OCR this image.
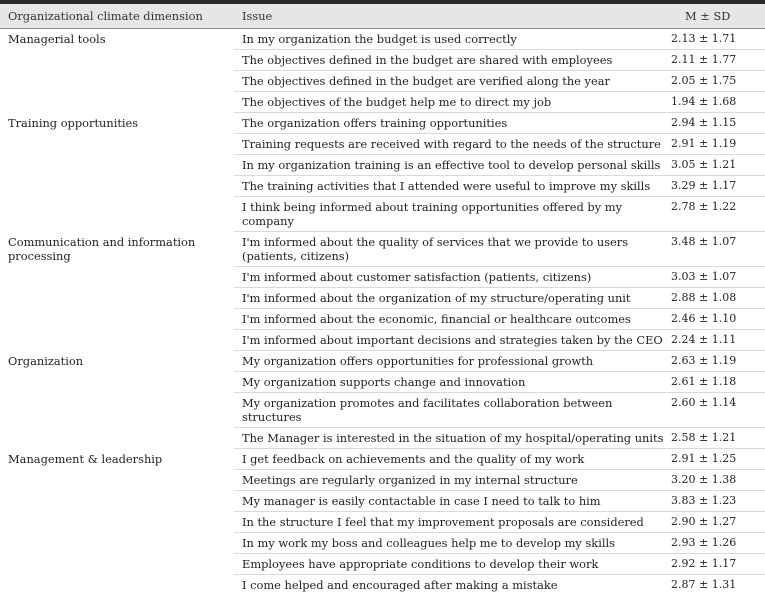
Organizational climate dimension	Issue	M ± SD
Managerial tools	In my organization the budget is used correctly	2.13 ± 1.71
	The objectives defined in the budget are shared with employees	2.11 ± 1.77
	The objectives defined in the budget are verified along the year	2.05 ± 1.75
	The objectives of the budget help me to direct my job	1.94 ± 1.68
Training opportunities	The organization offers training opportunities	2.94 ± 1.15
	Training requests are received with regard to the needs of the structure	2.91 ± 1.19
	In my organization training is an effective tool to develop personal skills	3.05 ± 1.21
	The training activities that I attended were useful to improve my skills	3.29 ± 1.17
	I think being informed about training opportunities offered by my company	2.78 ± 1.22
Communication and information processing	I'm informed about the quality of services that we provide to users (patients, citizens)	3.48 ± 1.07
	I'm informed about customer satisfaction (patients, citizens)	3.03 ± 1.07
	I'm informed about the organization of my structure/operating unit	2.88 ± 1.08
	I'm informed about the economic, financial or healthcare outcomes	2.46 ± 1.10
	I'm informed about important decisions and strategies taken by the CEO	2.24 ± 1.11
Organization	My organization offers opportunities for professional growth	2.63 ± 1.19
	My organization supports change and innovation	2.61 ± 1.18
	My organization promotes and facilitates collaboration between structures	2.60 ± 1.14
	The Manager is interested in the situation of my hospital/operating units	2.58 ± 1.21
Management & leadership	I get feedback on achievements and the quality of my work	2.91 ± 1.25
	Meetings are regularly organized in my internal structure	3.20 ± 1.38
	My manager is easily contactable in case I need to talk to him	3.83 ± 1.23
	In the structure I feel that my improvement proposals are considered	2.90 ± 1.27
	In my work my boss and colleagues help me to develop my skills	2.93 ± 1.26
	Employees have appropriate conditions to develop their work	2.92 ± 1.17
	I come helped and encouraged after making a mistake	2.87 ± 1.31
